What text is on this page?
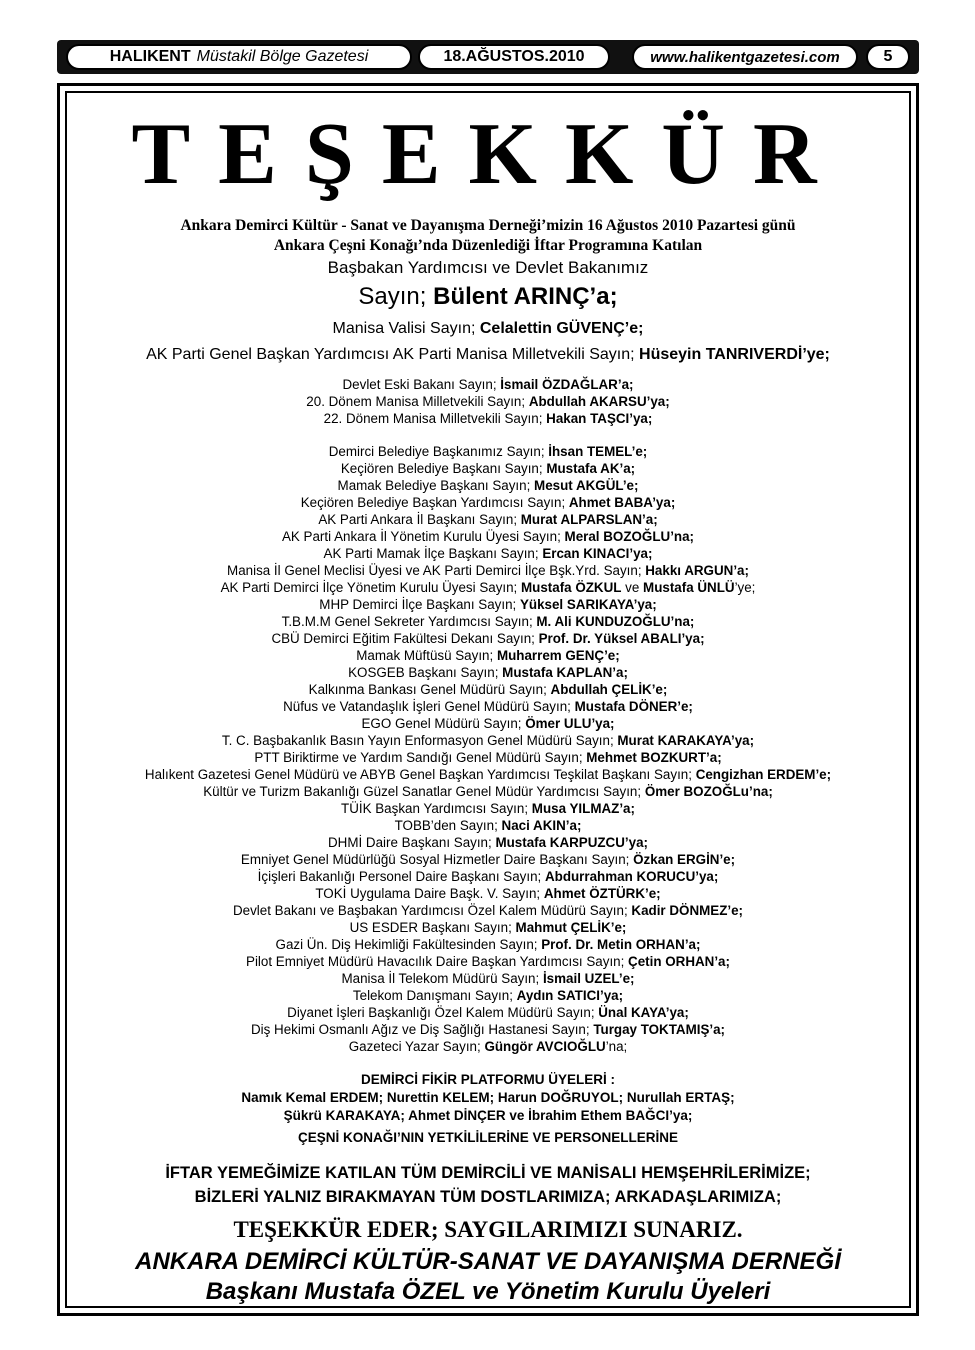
HALIKENT Müstakil Bölge Gazetesi	18.AĞUSTOS.2010	www.halikentgazetesi.com	5
TEŞEKKÜR
Ankara Demirci Kültür - Sanat ve Dayanışma Derneği’mizin 16 Ağustos 2010 Pazartesi günü
Ankara Çeşni Konağı’nda Düzenlediği İftar Programına Katılan
Başbakan Yardımcısı ve Devlet Bakanımız
Sayın; Bülent ARINÇ’a;
Manisa Valisi Sayın; Celalettin GÜVENÇ’e;
AK Parti Genel Başkan Yardımcısı AK Parti Manisa Milletvekili Sayın; Hüseyin TANRIVERDİ’ye;
Devlet Eski Bakanı Sayın; İsmail ÖZDAĞLAR’a;
20. Dönem Manisa Milletvekili Sayın; Abdullah AKARSU’ya;
22. Dönem Manisa Milletvekili Sayın; Hakan TAŞCI’ya;
Demirci Belediye Başkanımız Sayın; İhsan TEMEL’e;
Keçiören Belediye Başkanı Sayın; Mustafa AK’a;
Mamak Belediye Başkanı Sayın; Mesut AKGÜL’e;
Keçiören Belediye Başkan Yardımcısı Sayın; Ahmet BABA’ya;
AK Parti Ankara İl Başkanı Sayın; Murat ALPARSLAN’a;
AK Parti Ankara İl Yönetim Kurulu Üyesi Sayın; Meral BOZOĞLU’na;
AK Parti Mamak İlçe Başkanı Sayın; Ercan KINACI’ya;
Manisa İl Genel Meclisi Üyesi ve AK Parti Demirci İlçe Bşk.Yrd. Sayın; Hakkı ARGUN’a;
AK Parti Demirci İlçe Yönetim Kurulu Üyesi Sayın; Mustafa ÖZKUL ve Mustafa ÜNLÜ’ye;
MHP Demirci İlçe Başkanı Sayın; Yüksel SARIKAYA’ya;
T.B.M.M Genel Sekreter Yardımcısı Sayın; M. Ali KUNDUZOĞLU’na;
CBÜ Demirci Eğitim Fakültesi Dekanı Sayın; Prof. Dr. Yüksel ABALI’ya;
Mamak Müftüsü Sayın; Muharrem GENÇ’e;
KOSGEB Başkanı Sayın; Mustafa KAPLAN’a;
Kalkınma Bankası Genel Müdürü Sayın; Abdullah ÇELİK’e;
Nüfus ve Vatandaşlık İşleri Genel Müdürü Sayın; Mustafa DÖNER’e;
EGO Genel Müdürü Sayın; Ömer ULU’ya;
T. C. Başbakanlık Basın Yayın Enformasyon Genel Müdürü Sayın; Murat KARAKAYA’ya;
PTT Biriktirme ve Yardım Sandığı Genel Müdürü Sayın; Mehmet BOZKURT’a;
Halıkent Gazetesi Genel Müdürü ve ABYB Genel Başkan Yardımcısı Teşkilat Başkanı Sayın; Cengizhan ERDEM’e;
Kültür ve Turizm Bakanlığı Güzel Sanatlar Genel Müdür Yardımcısı Sayın; Ömer BOZOĞLu’na;
TÜİK Başkan Yardımcısı Sayın; Musa YILMAZ’a;
TOBB’den Sayın; Naci AKIN’a;
DHMİ Daire Başkanı Sayın; Mustafa KARPUZCU’ya;
Emniyet Genel Müdürlüğü Sosyal Hizmetler Daire Başkanı Sayın; Özkan ERGİN’e;
İçişleri Bakanlığı Personel Daire Başkanı Sayın; Abdurrahman KORUCU’ya;
TOKİ Uygulama Daire Başk. V. Sayın; Ahmet ÖZTÜRK’e;
Devlet Bakanı ve Başbakan Yardımcısı Özel Kalem Müdürü Sayın; Kadir DÖNMEZ’e;
US ESDER Başkanı Sayın; Mahmut ÇELİK’e;
Gazi Ün. Diş Hekimliği Fakültesinden Sayın; Prof. Dr. Metin ORHAN’a;
Pilot Emniyet Müdürü Havacılık Daire Başkan Yardımcısı Sayın; Çetin ORHAN’a;
Manisa İl Telekom Müdürü Sayın; İsmail UZEL’e;
Telekom Danışmanı Sayın; Aydın SATICI’ya;
Diyanet İşleri Başkanlığı Özel Kalem Müdürü Sayın; Ünal KAYA’ya;
Diş Hekimi Osmanlı Ağız ve Diş Sağlığı Hastanesi Sayın; Turgay TOKTAMIŞ’a;
Gazeteci Yazar Sayın; Güngör AVCIOĞLU’na;
DEMİRCİ FİKİR PLATFORMU ÜYELERİ :
Namık Kemal ERDEM; Nurettin KELEM; Harun DOĞRUYOL; Nurullah ERTAŞ;
Şükrü KARAKAYA; Ahmet DİNÇER ve İbrahim Ethem BAĞCI’ya;
ÇEŞNİ KONAĞI’NIN YETKİLİLERİNE VE PERSONELLERİNE
İFTAR YEMEĞİMİZE KATILAN TÜM DEMİRCİLİ VE MANİSALI HEMŞEHRİLERİMİZE;
BİZLERİ YALNIZ BIRAKMAYAN TÜM DOSTLARIMIZA; ARKADAŞLARIMIZA;
TEŞEKKÜR EDER; SAYGILARIMIZI SUNARIZ.
ANKARA DEMİRCİ KÜLTÜR-SANAT VE DAYANIŞMA DERNEĞİ
Başkanı Mustafa ÖZEL ve Yönetim Kurulu Üyeleri
